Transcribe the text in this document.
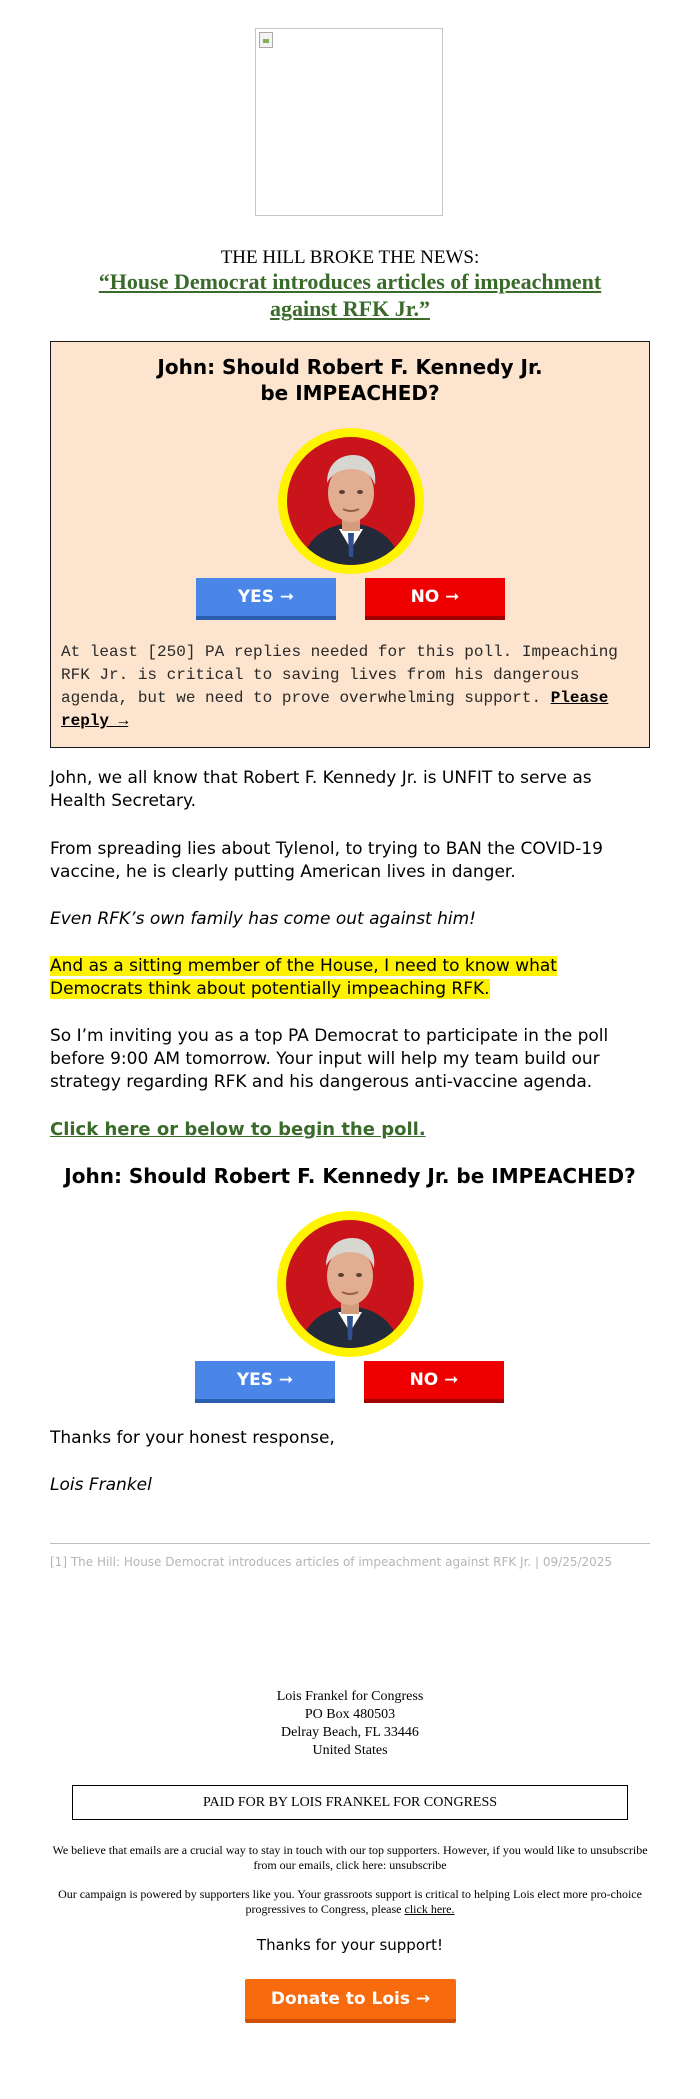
THE HILL BROKE THE NEWS:
“House Democrat introduces articles of impeachment against RFK Jr.”
John: Should Robert F. Kennedy Jr.
be IMPEACHED?
YES ➞	NO ➞
At least [250] PA replies needed for this poll. Impeaching RFK Jr. is critical to saving lives from his dangerous agenda, but we need to prove overwhelming support. Please reply →

John, we all know that Robert F. Kennedy Jr. is UNFIT to serve as Health Secretary.

From spreading lies about Tylenol, to trying to BAN the COVID-19 vaccine, he is clearly putting American lives in danger.

Even RFK’s own family has come out against him!

And as a sitting member of the House, I need to know what Democrats think about potentially impeaching RFK.

So I’m inviting you as a top PA Democrat to participate in the poll before 9:00 AM tomorrow. Your input will help my team build our strategy regarding RFK and his dangerous anti-vaccine agenda.

Click here or below to begin the poll.
John: Should Robert F. Kennedy Jr. be IMPEACHED?
YES ➞	NO ➞

Thanks for your honest response,

Lois Frankel

[1] The Hill: House Democrat introduces articles of impeachment against RFK Jr. | 09/25/2025
Lois Frankel for Congress
PO Box 480503
Delray Beach, FL 33446
United States
PAID FOR BY LOIS FRANKEL FOR CONGRESS
We believe that emails are a crucial way to stay in touch with our top supporters. However, if you would like to unsubscribe from our emails, click here: unsubscribe
Our campaign is powered by supporters like you. Your grassroots support is critical to helping Lois elect more pro-choice progressives to Congress, please click here.
Thanks for your support!
Donate to Lois →
